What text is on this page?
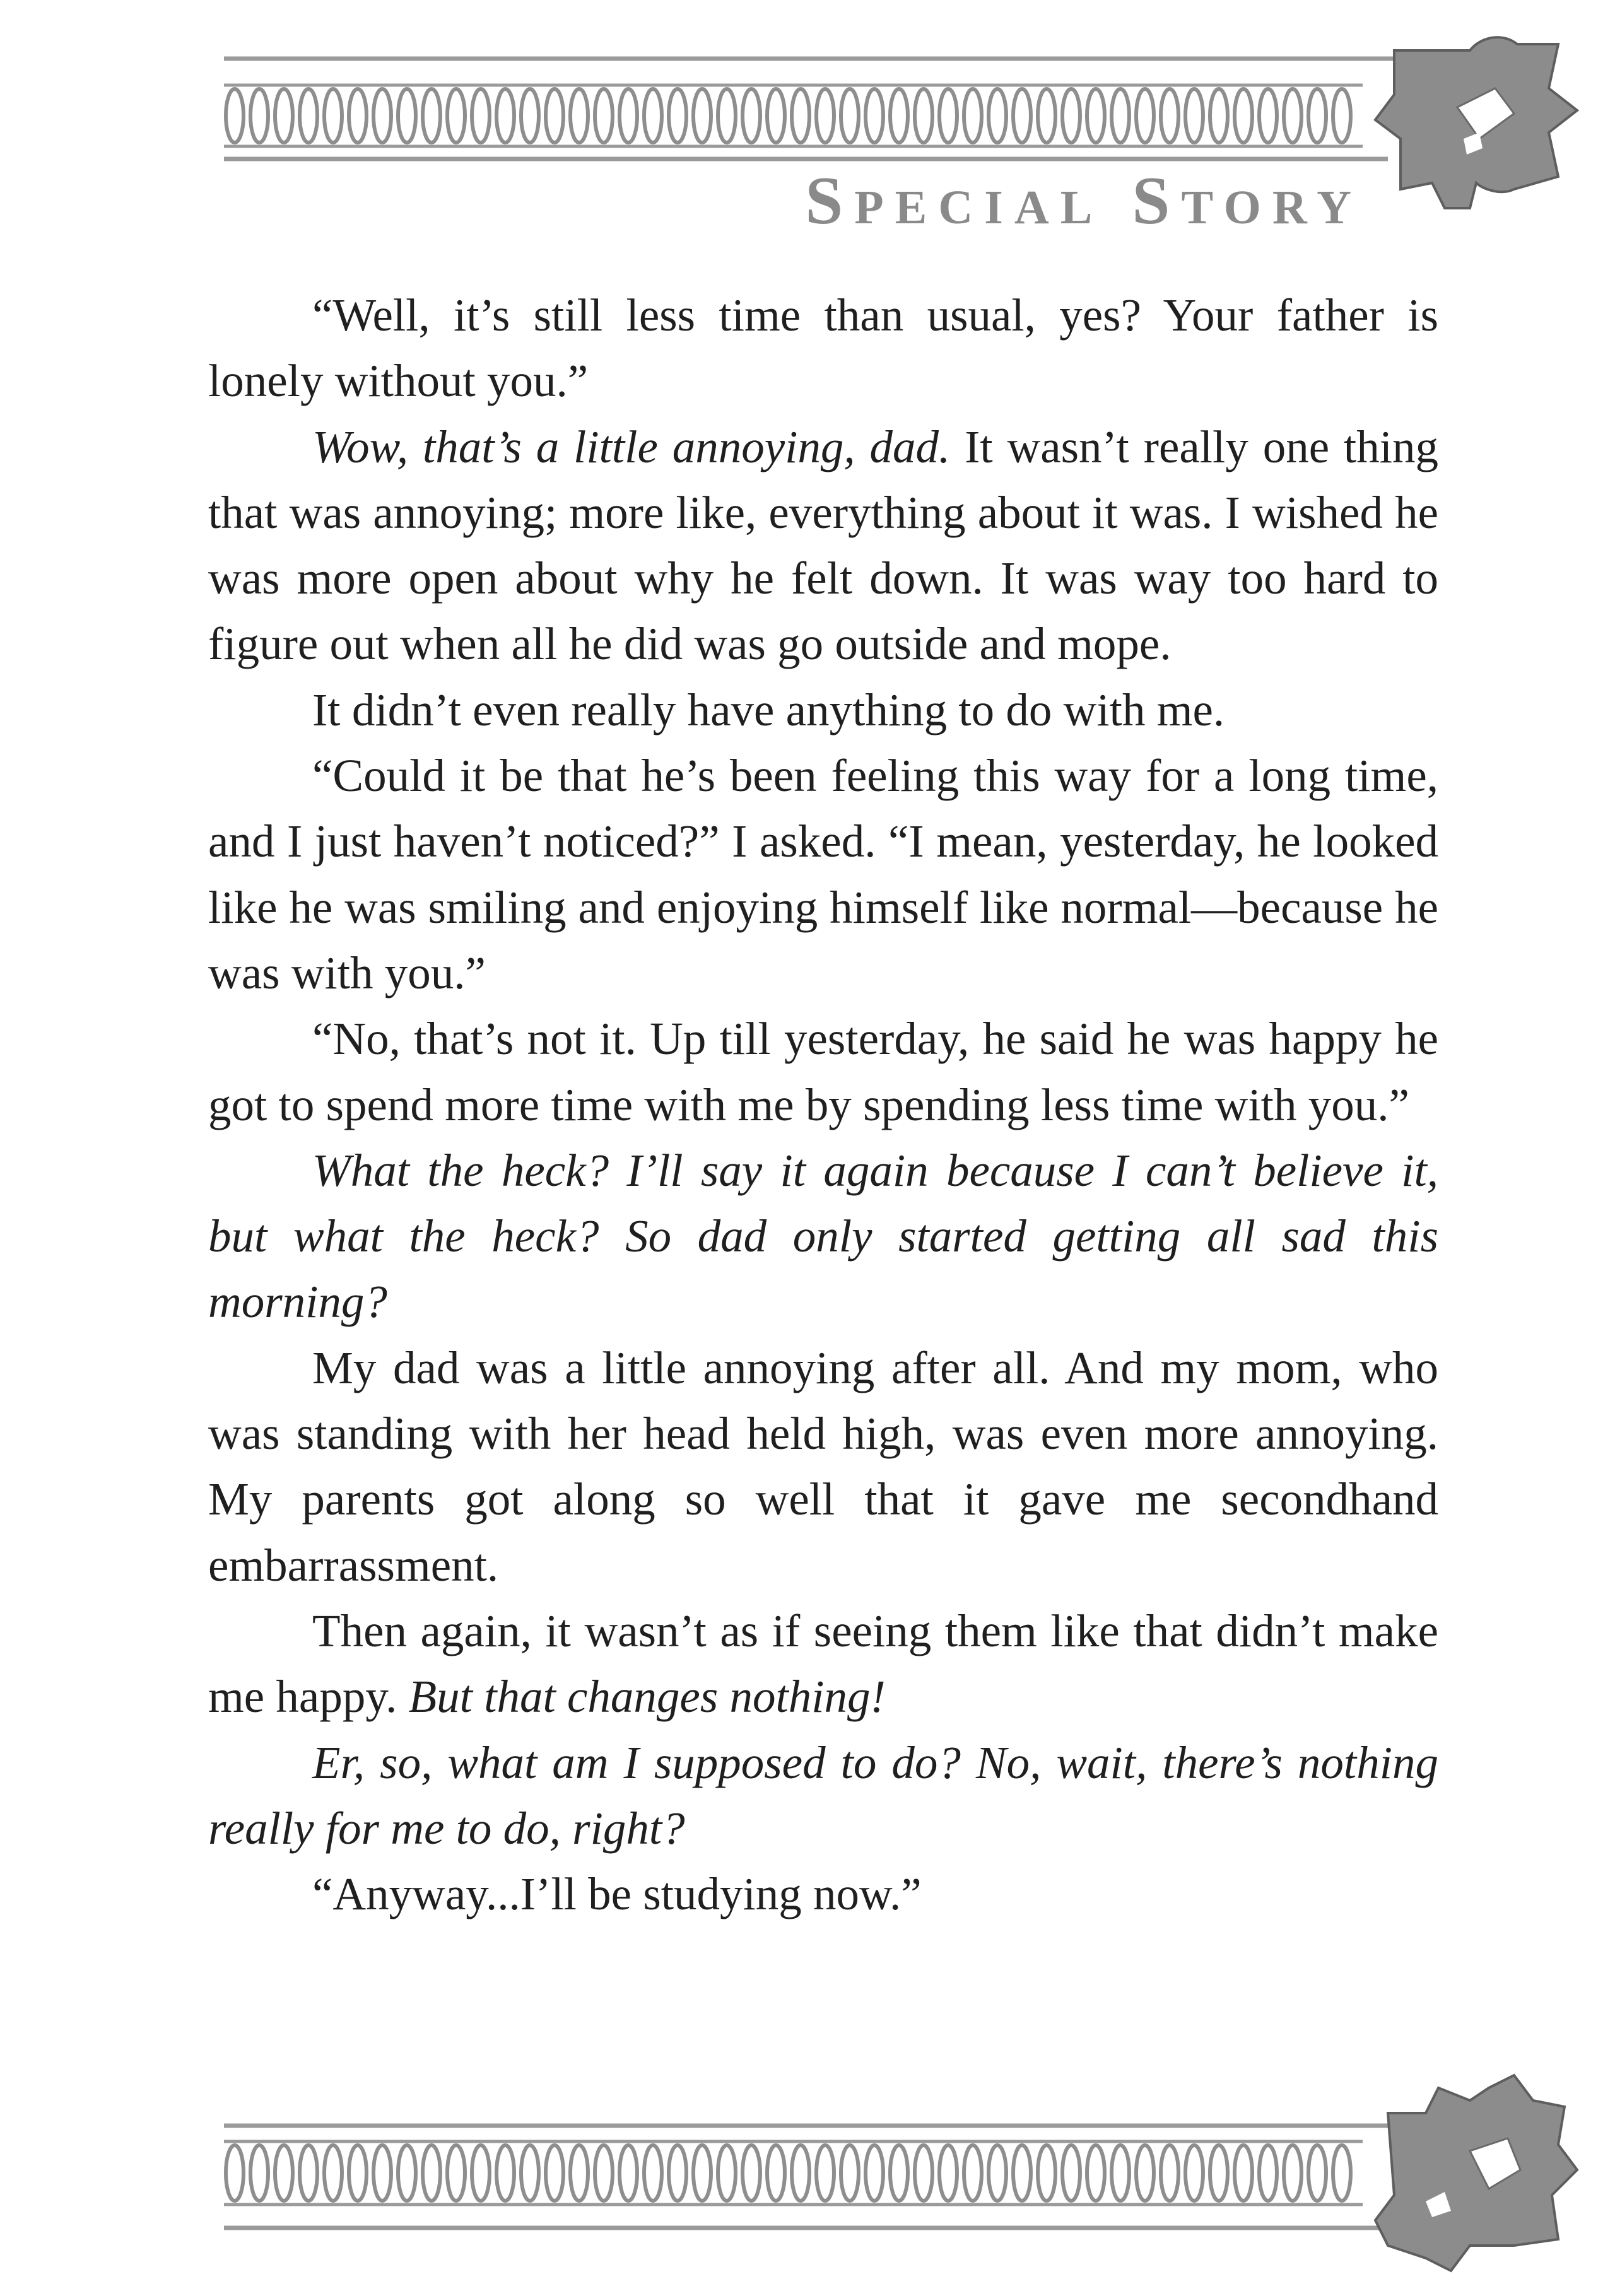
Special Story

“Well, it’s still less time than usual, yes? Your father is lonely without you.”

Wow, that’s a little annoying, dad. It wasn’t really one thing that was annoying; more like, everything about it was. I wished he was more open about why he felt down. It was way too hard to figure out when all he did was go outside and mope.

It didn’t even really have anything to do with me.

“Could it be that he’s been feeling this way for a long time, and I just haven’t noticed?” I asked. “I mean, yesterday, he looked like he was smiling and enjoying himself like normal—because he was with you.”

“No, that’s not it. Up till yesterday, he said he was happy he got to spend more time with me by spending less time with you.”

What the heck? I’ll say it again because I can’t believe it, but what the heck? So dad only started getting all sad this morning?

My dad was a little annoying after all. And my mom, who was standing with her head held high, was even more annoying. My parents got along so well that it gave me secondhand embarrassment.

Then again, it wasn’t as if seeing them like that didn’t make me happy. But that changes nothing!

Er, so, what am I supposed to do? No, wait, there’s nothing really for me to do, right?

“Anyway...I’ll be studying now.”
